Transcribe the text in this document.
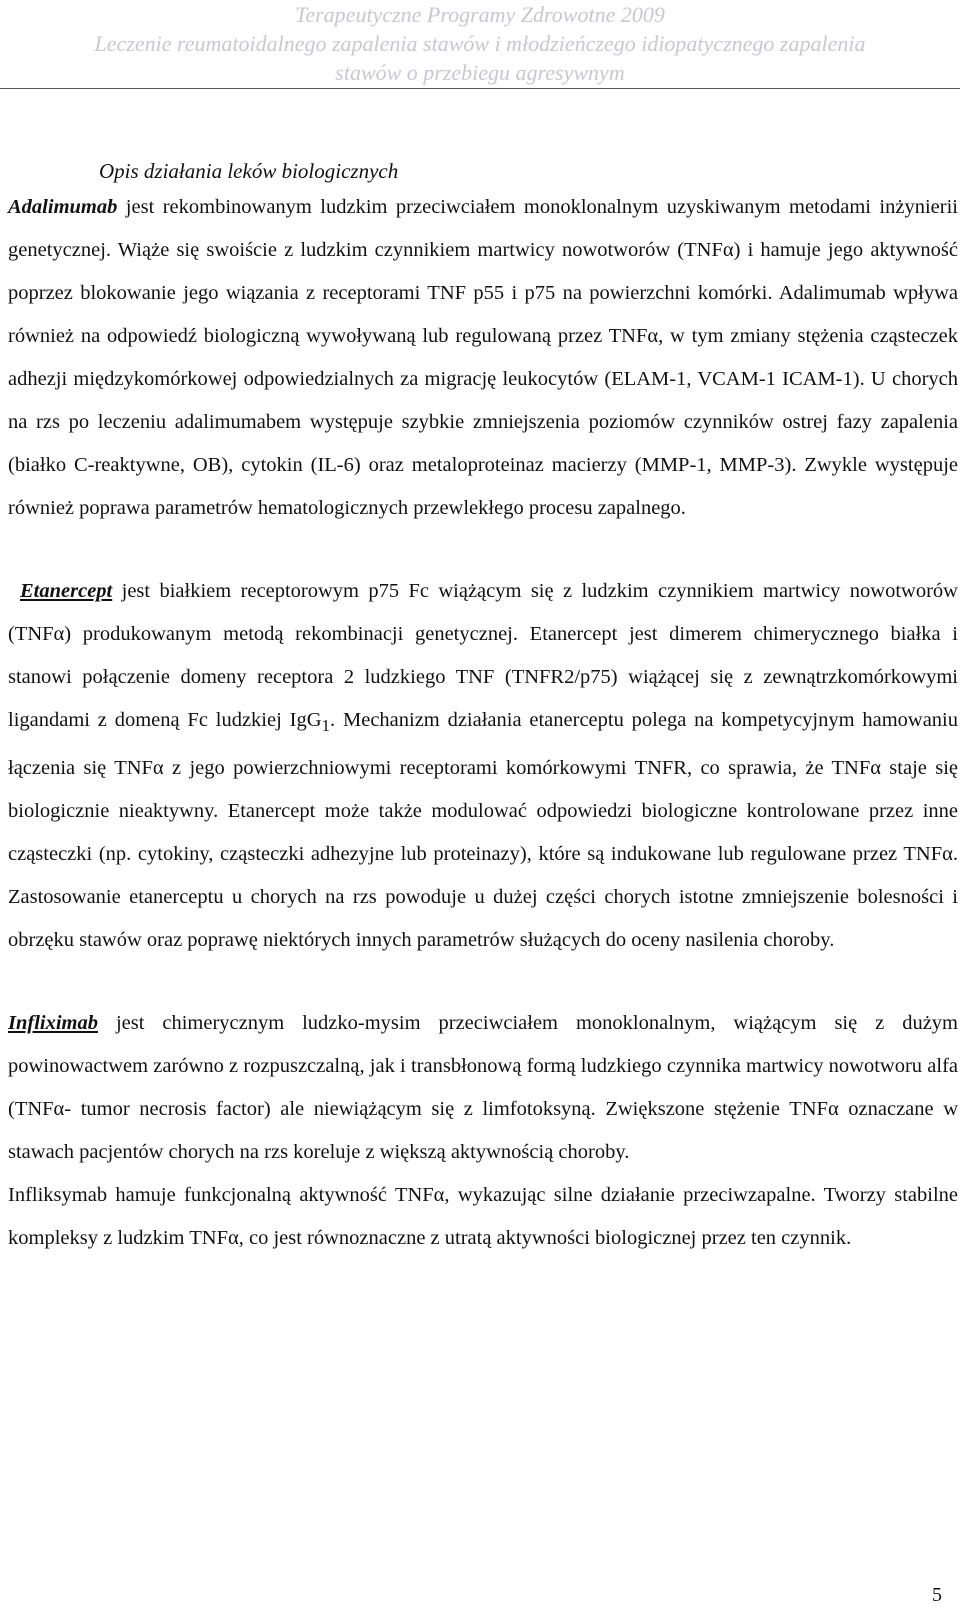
Terapeutyczne Programy Zdrowotne 2009
Leczenie reumatoidalnego zapalenia stawów i młodzieńczego idiopatycznego zapalenia
stawów o przebiegu agresywnym
Opis działania leków biologicznych

Adalimumab jest rekombinowanym ludzkim przeciwciałem monoklonalnym uzyskiwanym metodami inżynierii genetycznej. Wiąże się swoiście z ludzkim czynnikiem martwicy nowotworów (TNFα) i hamuje jego aktywność poprzez blokowanie jego wiązania z receptorami TNF p55 i p75 na powierzchni komórki. Adalimumab wpływa również na odpowiedź biologiczną wywoływaną lub regulowaną przez TNFα, w tym zmiany stężenia cząsteczek adhezji międzykomórkowej odpowiedzialnych za migrację leukocytów (ELAM-1, VCAM-1 ICAM-1). U chorych na rzs po leczeniu adalimumabem występuje szybkie zmniejszenia poziomów czynników ostrej fazy zapalenia (białko C-reaktywne, OB), cytokin (IL-6) oraz metaloproteinaz macierzy (MMP-1, MMP-3). Zwykle występuje również poprawa parametrów hematologicznych przewlekłego procesu zapalnego.

Etanercept jest białkiem receptorowym p75 Fc wiążącym się z ludzkim czynnikiem martwicy nowotworów (TNFα) produkowanym metodą rekombinacji genetycznej. Etanercept jest dimerem chimerycznego białka i stanowi połączenie domeny receptora 2 ludzkiego TNF (TNFR2/p75) wiążącej się z zewnątrzkomórkowymi ligandami z domeną Fc ludzkiej IgG$_1$. Mechanizm działania etanerceptu polega na kompetycyjnym hamowaniu łączenia się TNFα z jego powierzchniowymi receptorami komórkowymi TNFR, co sprawia, że TNFα staje się biologicznie nieaktywny. Etanercept może także modulować odpowiedzi biologiczne kontrolowane przez inne cząsteczki (np. cytokiny, cząsteczki adhezyjne lub proteinazy), które są indukowane lub regulowane przez TNFα. Zastosowanie etanerceptu u chorych na rzs powoduje u dużej części chorych istotne zmniejszenie bolesności i obrzęku stawów oraz poprawę niektórych innych parametrów służących do oceny nasilenia choroby.

Infliximab jest chimerycznym ludzko-mysim przeciwciałem monoklonalnym, wiążącym się z dużym powinowactwem zarówno z rozpuszczalną, jak i transbłonową formą ludzkiego czynnika martwicy nowotworu alfa (TNFα- tumor necrosis factor) ale niewiążącym się z limfotoksyną. Zwiększone stężenie TNFα oznaczane w stawach pacjentów chorych na rzs koreluje z większą aktywnością choroby.

Infliksymab hamuje funkcjonalną aktywność TNFα, wykazując silne działanie przeciwzapalne. Tworzy stabilne kompleksy z ludzkim TNFα, co jest równoznaczne z utratą aktywności biologicznej przez ten czynnik.

5
